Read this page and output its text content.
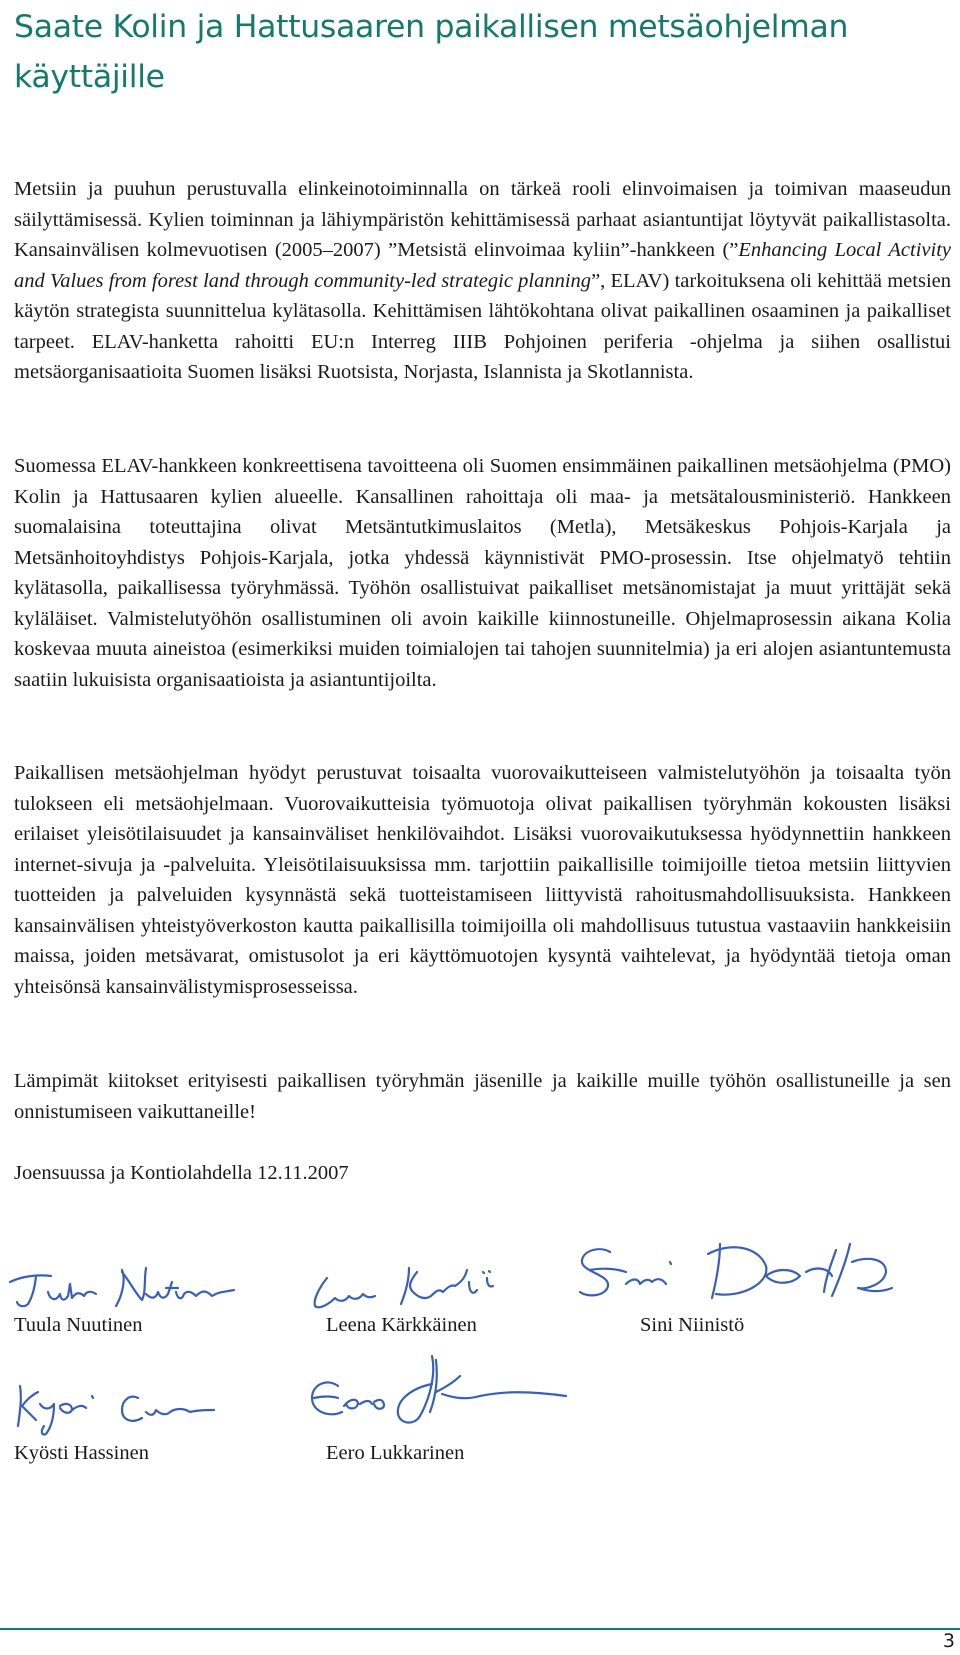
Saate Kolin ja Hattusaaren paikallisen metsäohjelman käyttäjille

Metsiin ja puuhun perustuvalla elinkeinotoiminnalla on tärkeä rooli elinvoimaisen ja toimivan maaseudun säilyttämisessä. Kylien toiminnan ja lähiympäristön kehittämisessä parhaat asiantuntijat löytyvät paikallistasolta. Kansainvälisen kolmevuotisen (2005–2007) ”Metsistä elinvoimaa kyliin”-hankkeen (”Enhancing Local Activity and Values from forest land through community-led strategic planning”, ELAV) tarkoituksena oli kehittää metsien käytön strategista suunnittelua kylätasolla. Kehittämisen lähtökohtana olivat paikallinen osaaminen ja paikalliset tarpeet. ELAV-hanketta rahoitti EU:n Interreg IIIB Pohjoinen periferia -ohjelma ja siihen osallistui metsäorganisaatioita Suomen lisäksi Ruotsista, Norjasta, Islannista ja Skotlannista.

Suomessa ELAV-hankkeen konkreettisena tavoitteena oli Suomen ensimmäinen paikallinen metsäohjelma (PMO) Kolin ja Hattusaaren kylien alueelle. Kansallinen rahoittaja oli maa- ja metsätalousministeriö. Hankkeen suomalaisina toteuttajina olivat Metsäntutkimuslaitos (Metla), Metsäkeskus Pohjois-Karjala ja Metsänhoitoyhdistys Pohjois-Karjala, jotka yhdessä käynnistivät PMO-prosessin. Itse ohjelmatyö tehtiin kylätasolla, paikallisessa työryhmässä. Työhön osallistuivat paikalliset metsänomistajat ja muut yrittäjät sekä kyläläiset. Valmistelutyöhön osallistuminen oli avoin kaikille kiinnostuneille. Ohjelmaprosessin aikana Kolia koskevaa muuta aineistoa (esimerkiksi muiden toimialojen tai tahojen suunnitelmia) ja eri alojen asiantuntemusta saatiin lukuisista organisaatioista ja asiantuntijoilta.

Paikallisen metsäohjelman hyödyt perustuvat toisaalta vuorovaikutteiseen valmistelutyöhön ja toisaalta työn tulokseen eli metsäohjelmaan. Vuorovaikutteisia työmuotoja olivat paikallisen työryhmän kokousten lisäksi erilaiset yleisötilaisuudet ja kansainväliset henkilövaihdot. Lisäksi vuorovaikutuksessa hyödynnettiin hankkeen internet-sivuja ja -palveluita. Yleisötilaisuuksissa mm. tarjottiin paikallisille toimijoille tietoa metsiin liittyvien tuotteiden ja palveluiden kysynnästä sekä tuotteistamiseen liittyvistä rahoitusmahdollisuuksista. Hankkeen kansainvälisen yhteistyöverkoston kautta paikallisilla toimijoilla oli mahdollisuus tutustua vastaaviin hankkeisiin maissa, joiden metsävarat, omistusolot ja eri käyttömuotojen kysyntä vaihtelevat, ja hyödyntää tietoja oman yhteisönsä kansainvälistymisprosesseissa.

Lämpimät kiitokset erityisesti paikallisen työryhmän jäsenille ja kaikille muille työhön osallistuneille ja sen onnistumiseen vaikuttaneille!

Joensuussa ja Kontiolahdella 12.11.2007

Tuula Nuutinen	Leena Kärkkäinen	Sini Niinistö

Kyösti Hassinen	Eero Lukkarinen

3
